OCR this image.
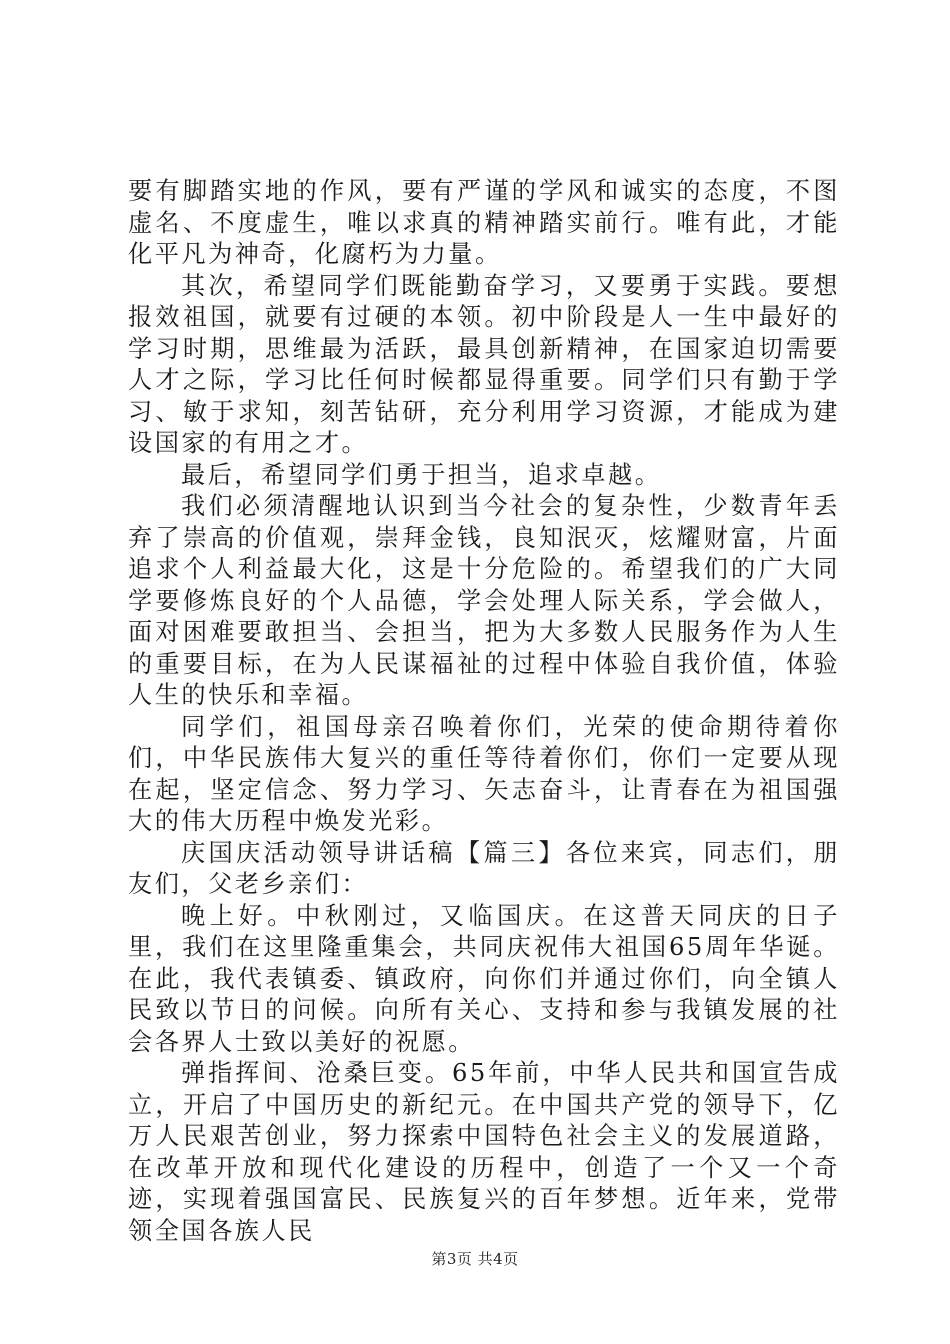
要有脚踏实地的作风，要有严谨的学风和诚实的态度，不图虚名、不度虚生，唯以求真的精神踏实前行。唯有此，才能化平凡为神奇，化腐朽为力量。

其次，希望同学们既能勤奋学习，又要勇于实践。要想报效祖国，就要有过硬的本领。初中阶段是人一生中最好的学习时期，思维最为活跃，最具创新精神，在国家迫切需要人才之际，学习比任何时候都显得重要。同学们只有勤于学习、敏于求知，刻苦钻研，充分利用学习资源，才能成为建设国家的有用之才。

最后，希望同学们勇于担当，追求卓越。

我们必须清醒地认识到当今社会的复杂性，少数青年丢弃了崇高的价值观，崇拜金钱，良知泯灭，炫耀财富，片面追求个人利益最大化，这是十分危险的。希望我们的广大同学要修炼良好的个人品德，学会处理人际关系，学会做人，面对困难要敢担当、会担当，把为大多数人民服务作为人生的重要目标，在为人民谋福祉的过程中体验自我价值，体验人生的快乐和幸福。

同学们，祖国母亲召唤着你们，光荣的使命期待着你们，中华民族伟大复兴的重任等待着你们，你们一定要从现在起，坚定信念、努力学习、矢志奋斗，让青春在为祖国强大的伟大历程中焕发光彩。

庆国庆活动领导讲话稿【篇三】各位来宾，同志们，朋友们，父老乡亲们：

晚上好。中秋刚过，又临国庆。在这普天同庆的日子里，我们在这里隆重集会，共同庆祝伟大祖国65周年华诞。在此，我代表镇委、镇政府，向你们并通过你们，向全镇人民致以节日的问候。向所有关心、支持和参与我镇发展的社会各界人士致以美好的祝愿。

弹指挥间、沧桑巨变。65年前，中华人民共和国宣告成立，开启了中国历史的新纪元。在中国共产党的领导下，亿万人民艰苦创业，努力探索中国特色社会主义的发展道路，在改革开放和现代化建设的历程中，创造了一个又一个奇迹，实现着强国富民、民族复兴的百年梦想。近年来，党带领全国各族人民

第3页 共4页
